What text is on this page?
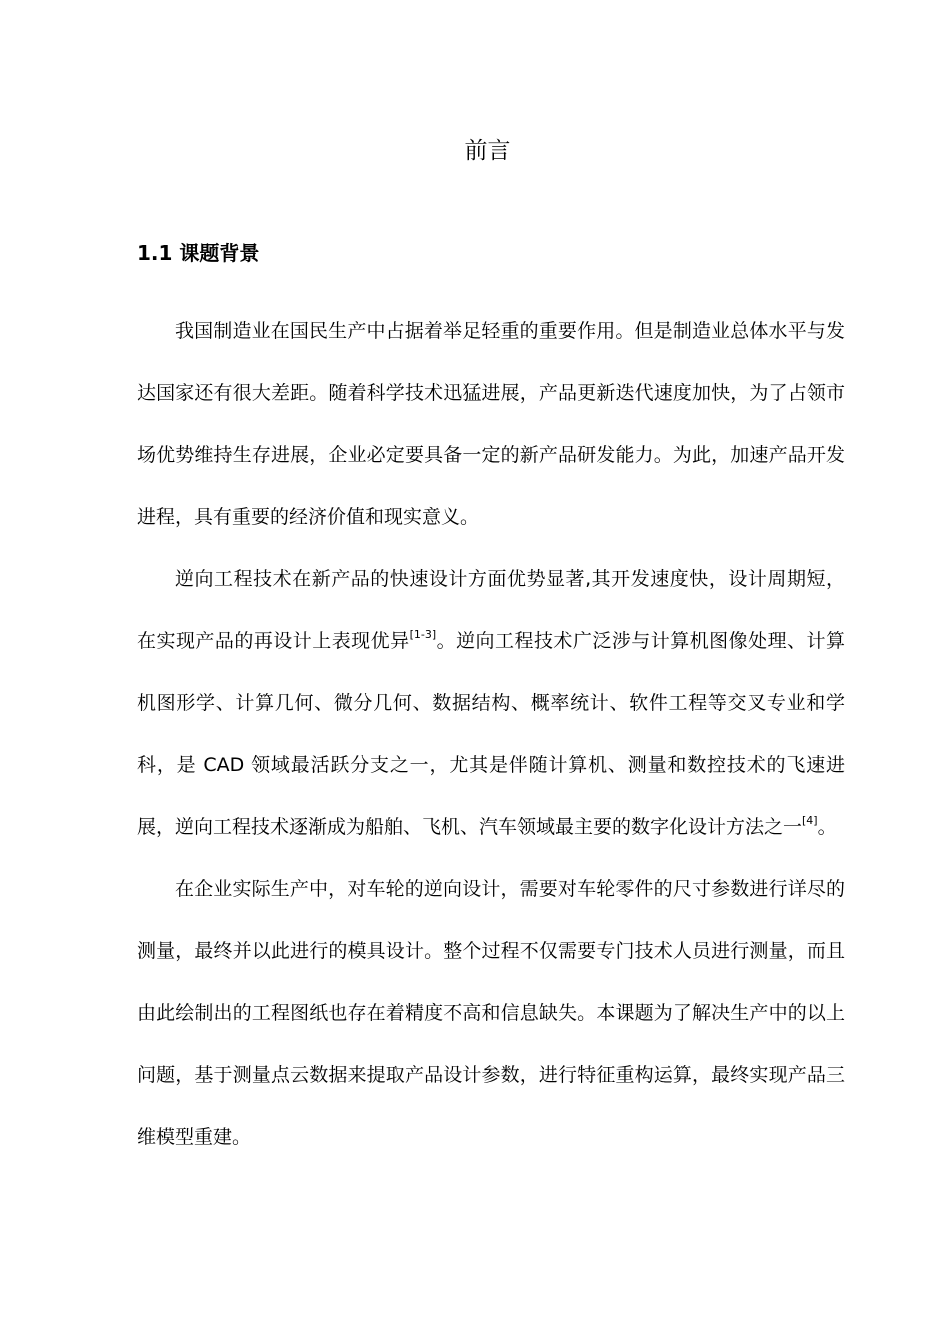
前言
1.1 课题背景

我国制造业在国民生产中占据着举足轻重的重要作用。但是制造业总体水平与发达国家还有很大差距。随着科学技术迅猛进展，产品更新迭代速度加快，为了占领市场优势维持生存进展，企业必定要具备一定的新产品研发能力。为此，加速产品开发进程，具有重要的经济价值和现实意义。

逆向工程技术在新产品的快速设计方面优势显著,其开发速度快，设计周期短，在实现产品的再设计上表现优异[1-3]。逆向工程技术广泛涉与计算机图像处理、计算机图形学、计算几何、微分几何、数据结构、概率统计、软件工程等交叉专业和学科，是 CAD 领域最活跃分支之一，尤其是伴随计算机、测量和数控技术的飞速进展，逆向工程技术逐渐成为船舶、飞机、汽车领域最主要的数字化设计方法之一[4]。

在企业实际生产中，对车轮的逆向设计，需要对车轮零件的尺寸参数进行详尽的测量，最终并以此进行的模具设计。整个过程不仅需要专门技术人员进行测量，而且由此绘制出的工程图纸也存在着精度不高和信息缺失。本课题为了解决生产中的以上问题，基于测量点云数据来提取产品设计参数，进行特征重构运算，最终实现产品三维模型重建。
